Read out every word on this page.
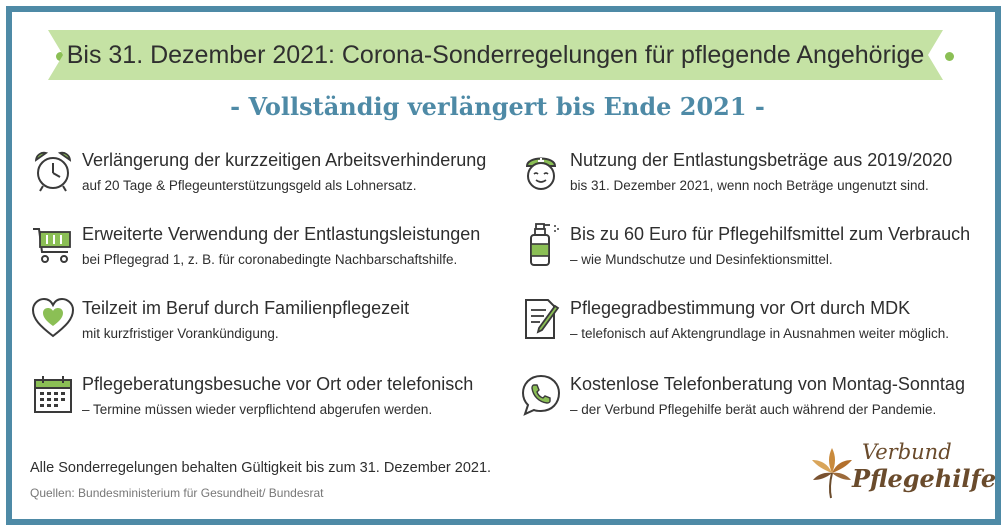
Bis 31. Dezember 2021: Corona-Sonderregelungen für pflegende Angehörige
- Vollständig verlängert bis Ende 2021 -
Verlängerung der kurzzeitigen Arbeitsverhinderung
auf 20 Tage & Pflegeunterstützungsgeld als Lohnersatz.
Erweiterte Verwendung der Entlastungsleistungen
bei Pflegegrad 1, z. B. für coronabedingte Nachbarschaftshilfe.
Teilzeit im Beruf durch Familienpflegezeit
mit kurzfristiger Vorankündigung.
Pflegeberatungsbesuche vor Ort oder telefonisch
– Termine müssen wieder verpflichtend abgerufen werden.
Nutzung der Entlastungsbeträge aus 2019/2020
bis 31. Dezember 2021, wenn noch Beträge ungenutzt sind.
Bis zu 60 Euro für Pflegehilfsmittel zum Verbrauch
– wie Mundschutze und Desinfektionsmittel.
Pflegegradbestimmung vor Ort durch MDK
– telefonisch auf Aktengrundlage in Ausnahmen weiter möglich.
Kostenlose Telefonberatung von Montag-Sonntag
– der Verbund Pflegehilfe berät auch während der Pandemie.
Alle Sonderregelungen behalten Gültigkeit bis zum 31. Dezember 2021.
Quellen: Bundesministerium für Gesundheit/ Bundesrat
Verbund
Pflegehilfe
